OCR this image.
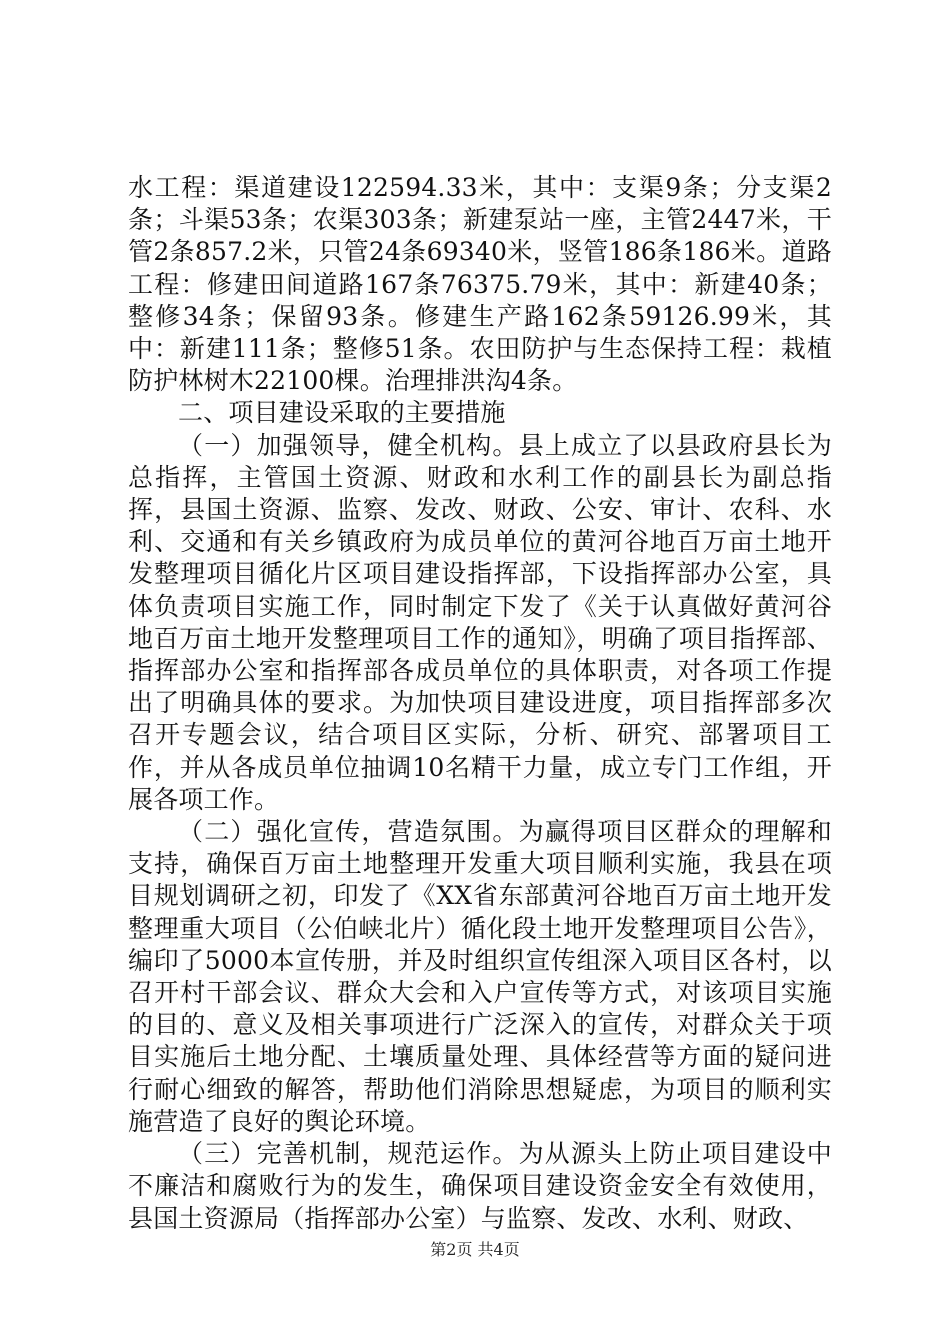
水工程：渠道建设122594.33米，其中：支渠9条；分支渠2条；斗渠53条；农渠303条；新建泵站一座，主管2447米，干管2条857.2米，只管24条69340米，竖管186条186米。道路工程：修建田间道路167条76375.79米，其中：新建40条；整修34条；保留93条。修建生产路162条59126.99米，其中：新建111条；整修51条。农田防护与生态保持工程：栽植防护林树木22100棵。治理排洪沟4条。

二、项目建设采取的主要措施

（一）加强领导，健全机构。县上成立了以县政府县长为总指挥，主管国土资源、财政和水利工作的副县长为副总指挥，县国土资源、监察、发改、财政、公安、审计、农科、水利、交通和有关乡镇政府为成员单位的黄河谷地百万亩土地开发整理项目循化片区项目建设指挥部，下设指挥部办公室，具体负责项目实施工作，同时制定下发了《关于认真做好黄河谷地百万亩土地开发整理项目工作的通知》，明确了项目指挥部、指挥部办公室和指挥部各成员单位的具体职责，对各项工作提出了明确具体的要求。为加快项目建设进度，项目指挥部多次召开专题会议，结合项目区实际，分析、研究、部署项目工作，并从各成员单位抽调10名精干力量，成立专门工作组，开展各项工作。

（二）强化宣传，营造氛围。为赢得项目区群众的理解和支持，确保百万亩土地整理开发重大项目顺利实施，我县在项目规划调研之初，印发了《XX省东部黄河谷地百万亩土地开发整理重大项目（公伯峡北片）循化段土地开发整理项目公告》，编印了5000本宣传册，并及时组织宣传组深入项目区各村，以召开村干部会议、群众大会和入户宣传等方式，对该项目实施的目的、意义及相关事项进行广泛深入的宣传，对群众关于项目实施后土地分配、土壤质量处理、具体经营等方面的疑问进行耐心细致的解答，帮助他们消除思想疑虑，为项目的顺利实施营造了良好的舆论环境。

（三）完善机制，规范运作。为从源头上防止项目建设中不廉洁和腐败行为的发生，确保项目建设资金安全有效使用，县国土资源局（指挥部办公室）与监察、发改、水利、财政、

第2页 共4页
